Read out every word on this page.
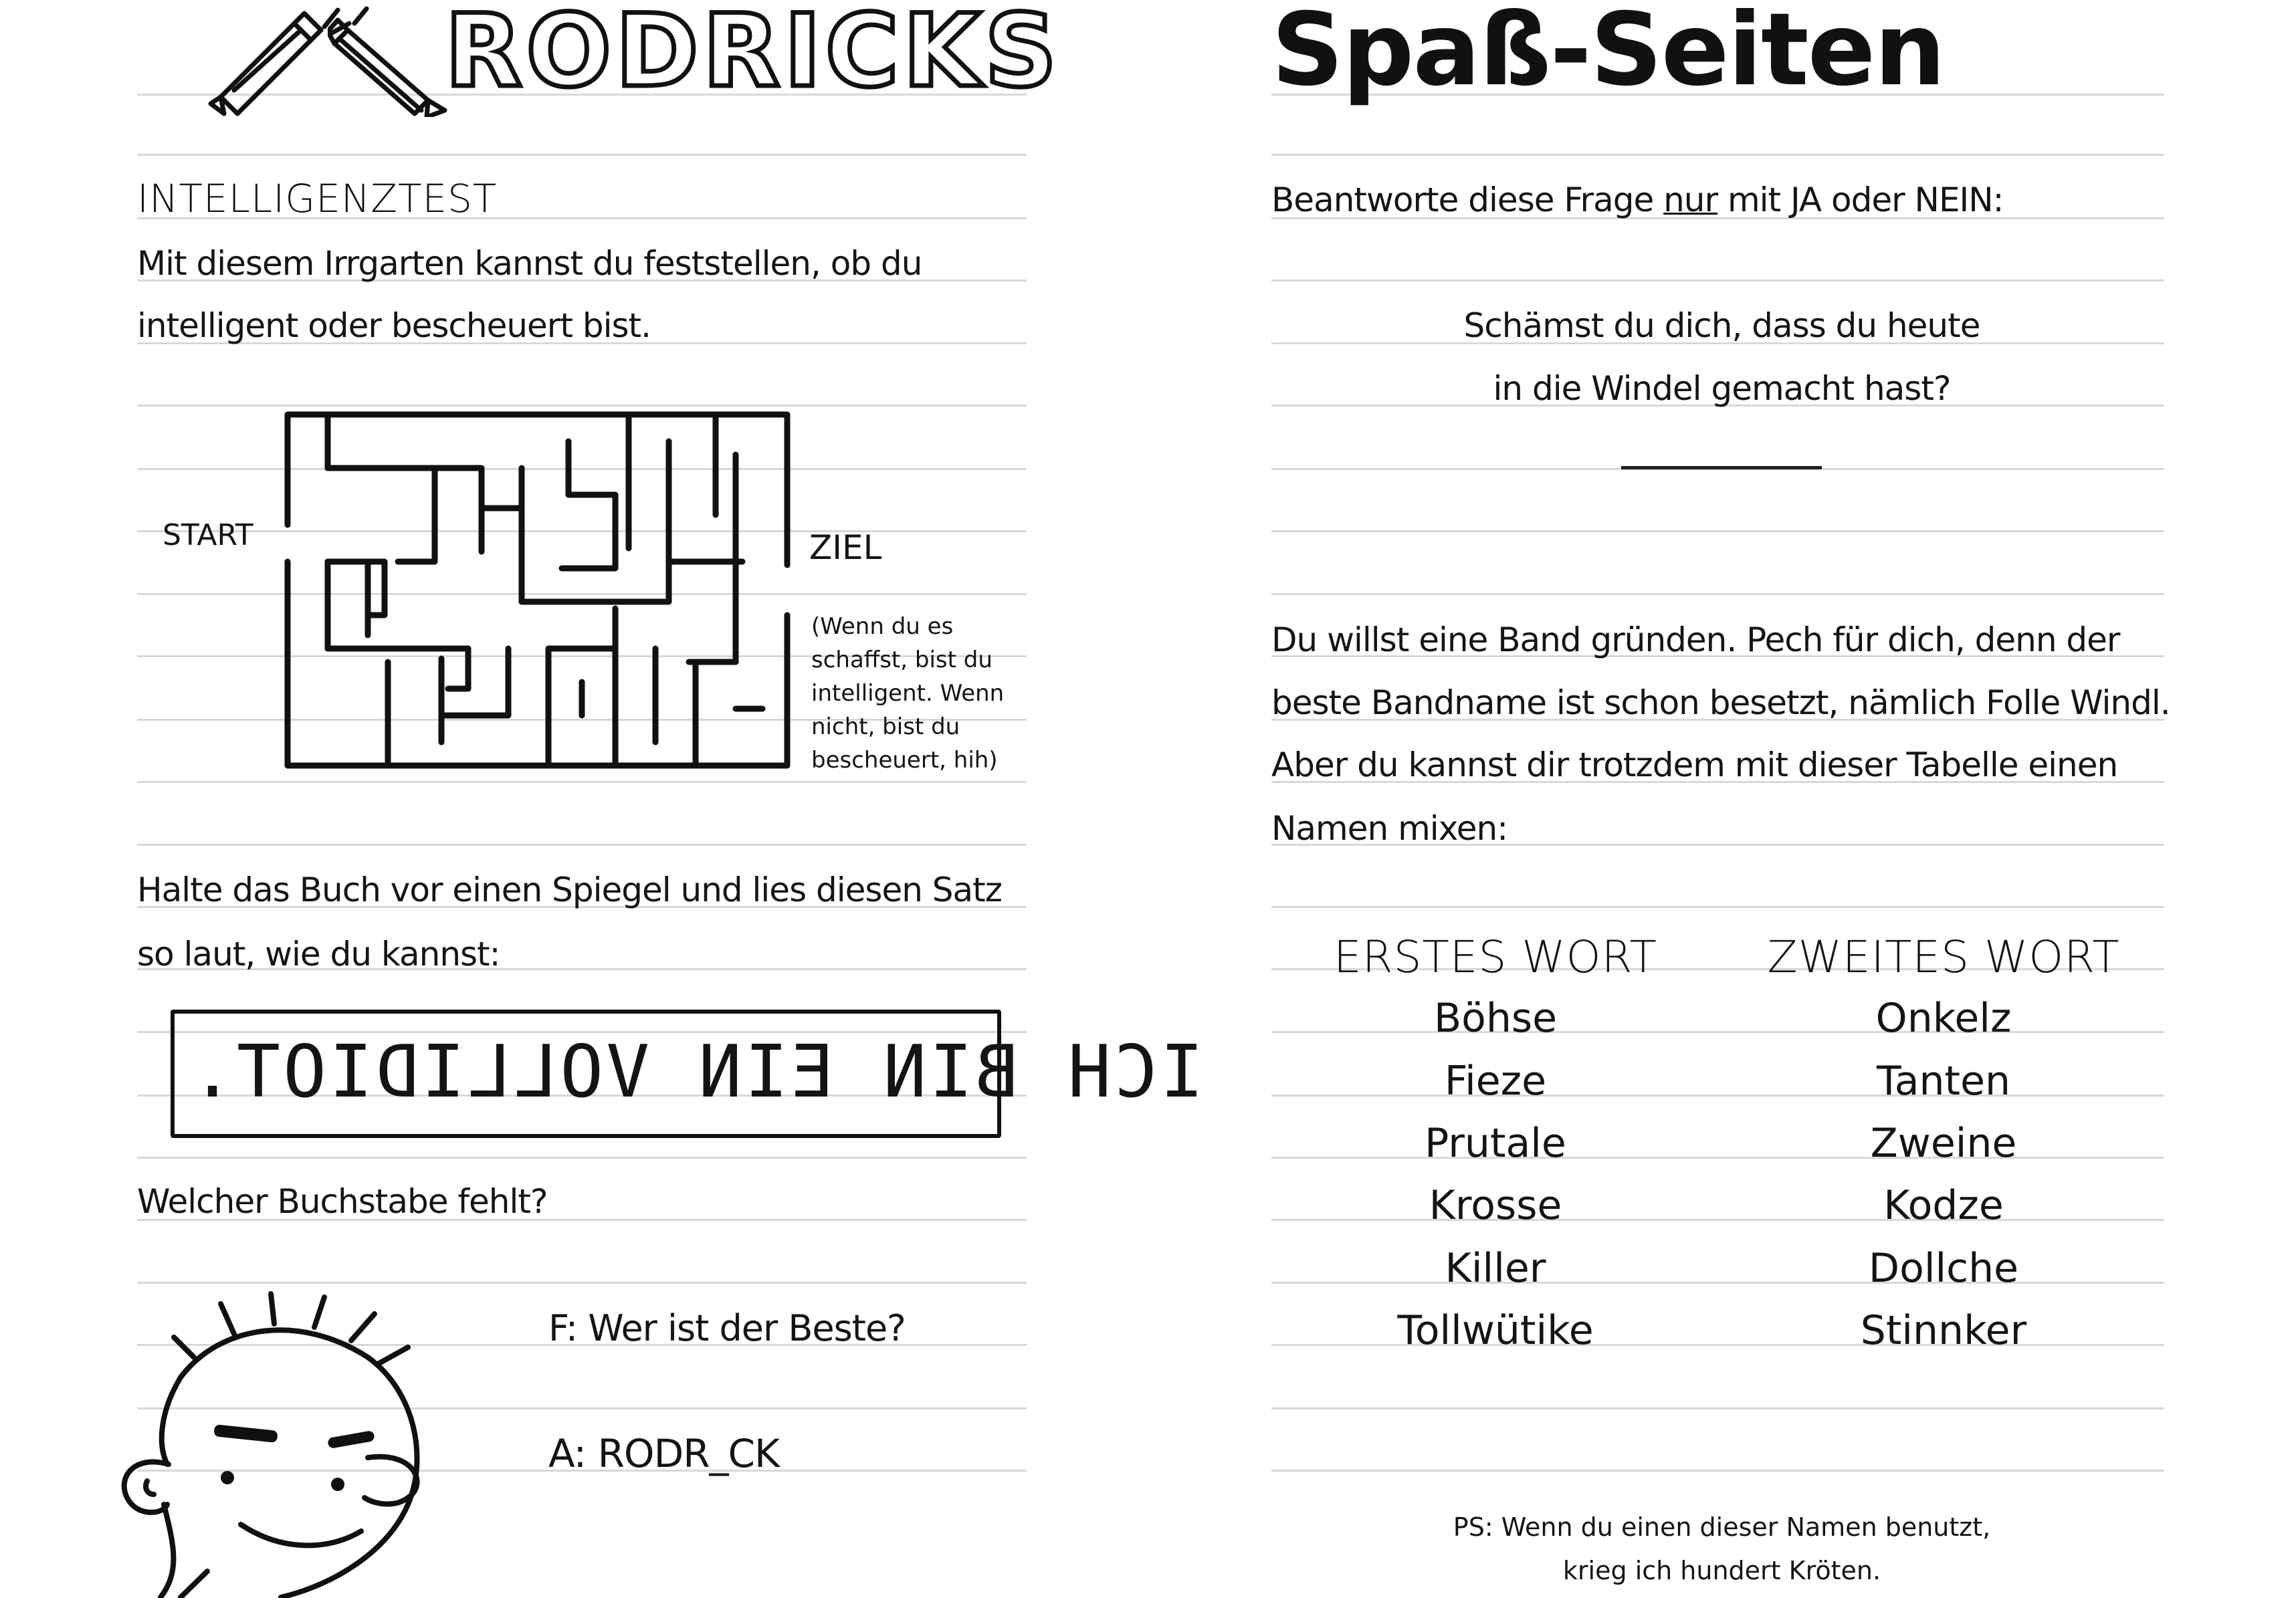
RODRICKS
INTELLIGENZTEST
Mit diesem Irrgarten kannst du feststellen, ob du
intelligent oder bescheuert bist.
START	ZIEL
(Wenn du es
schaffst, bist du
intelligent. Wenn
nicht, bist du
bescheuert, hih)
Halte das Buch vor einen Spiegel und lies diesen Satz
so laut, wie du kannst:
ICH BIN EIN VOLLIDIOT.
Welcher Buchstabe fehlt?
F: Wer ist der Beste?
A: RODR_CK
Spaß-Seiten
Beantworte diese Frage nur mit JA oder NEIN:
Schämst du dich, dass du heute
in die Windel gemacht hast?
Du willst eine Band gründen. Pech für dich, denn der
beste Bandname ist schon besetzt, nämlich Folle Windl.
Aber du kannst dir trotzdem mit dieser Tabelle einen
Namen mixen:
ERSTES WORT	ZWEITES WORT
Böhse
Fieze
Prutale
Krosse
Killer
Tollwütike
Onkelz
Tanten
Zweine
Kodze
Dollche
Stinnker
PS: Wenn du einen dieser Namen benutzt,
krieg ich hundert Kröten.
